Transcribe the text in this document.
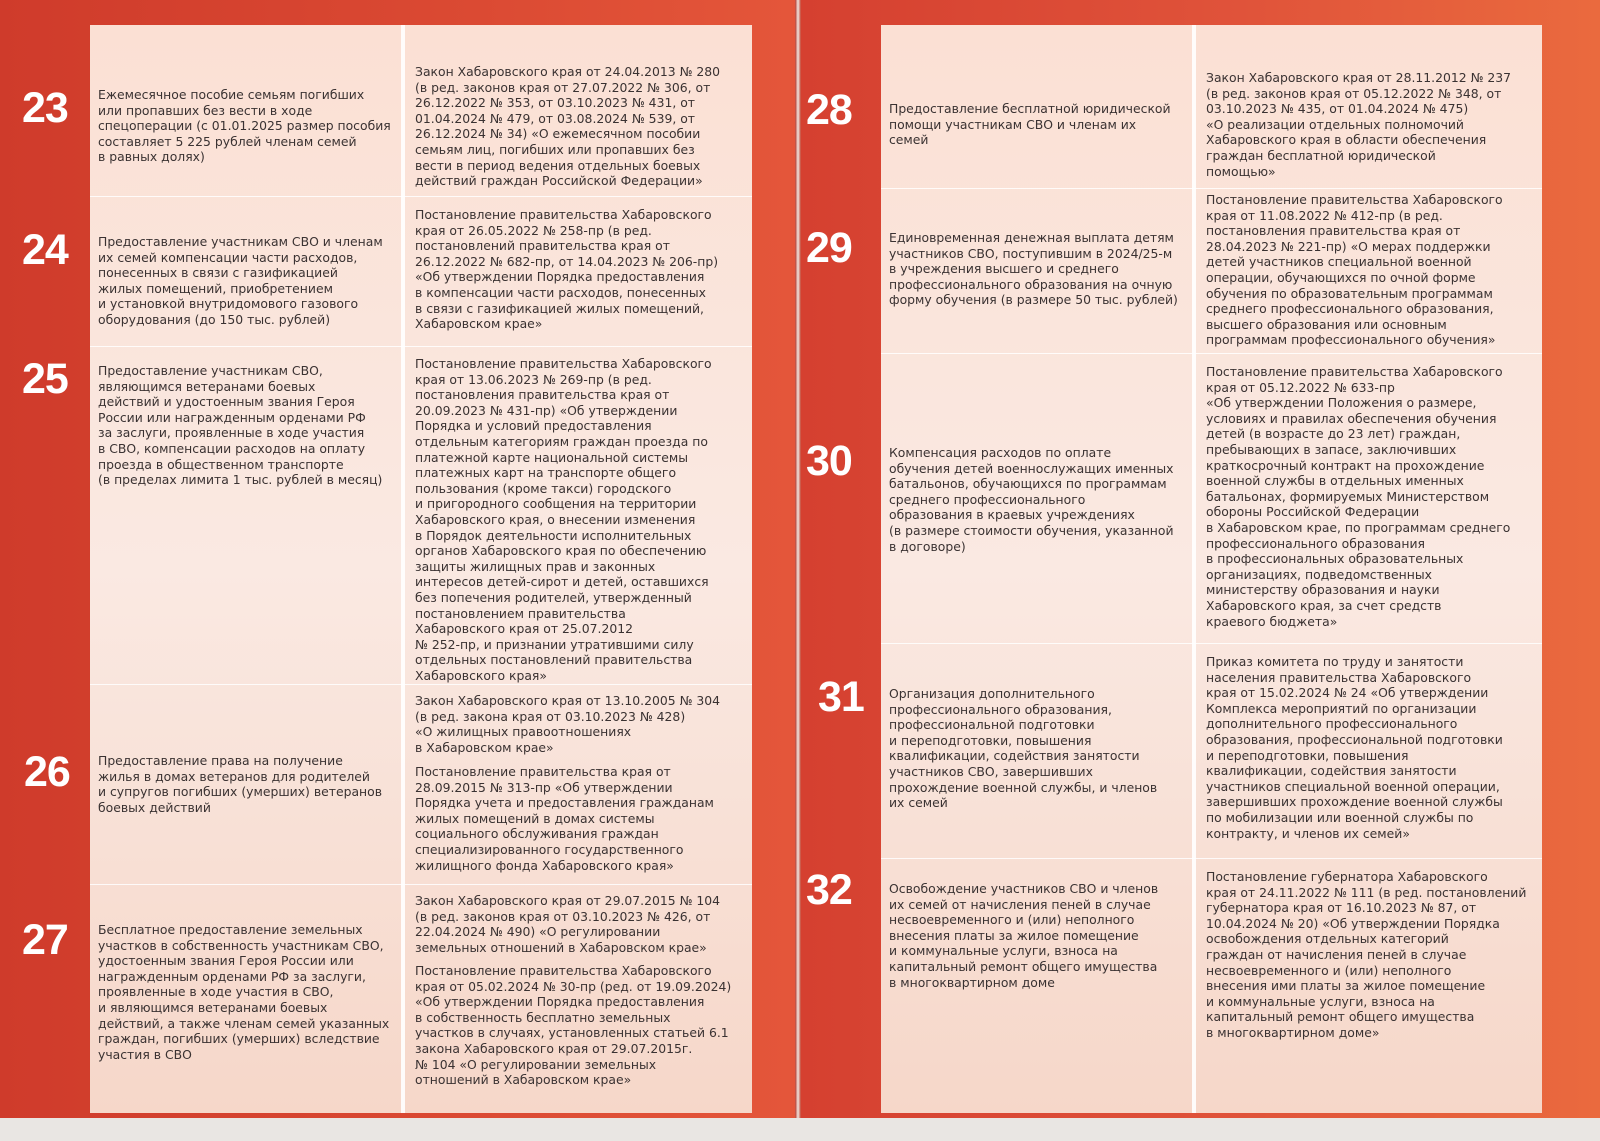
Ежемесячное пособие семьям погибших
или пропавших без вести в ходе
спецоперации (с 01.01.2025 размер пособия
составляет 5 225 рублей членам семей
в равных долях)
Закон Хабаровского края от 24.04.2013 № 280
(в ред. законов края от 27.07.2022 № 306, от
26.12.2022 № 353, от 03.10.2023 № 431, от
01.04.2024 № 479, от 03.08.2024 № 539, от
26.12.2024 № 34) «О ежемесячном пособии
семьям лиц, погибших или пропавших без
вести в период ведения отдельных боевых
действий граждан Российской Федерации»
Предоставление участникам СВО и членам
их семей компенсации части расходов,
понесенных в связи с газификацией
жилых помещений, приобретением
и установкой внутридомового газового
оборудования (до 150 тыс. рублей)
Постановление правительства Хабаровского
края от 26.05.2022 № 258-пр (в ред.
постановлений правительства края от
26.12.2022 № 682-пр, от 14.04.2023 № 206-пр)
«Об утверждении Порядка предоставления
в компенсации части расходов, понесенных
в связи с газификацией жилых помещений,
Хабаровском крае»
Предоставление участникам СВО,
являющимся ветеранами боевых
действий и удостоенным звания Героя
России или награжденным орденами РФ
за заслуги, проявленные в ходе участия
в СВО, компенсации расходов на оплату
проезда в общественном транспорте
(в пределах лимита 1 тыс. рублей в месяц)
Постановление правительства Хабаровского
края от 13.06.2023 № 269-пр (в ред.
постановления правительства края от
20.09.2023 № 431-пр) «Об утверждении
Порядка и условий предоставления
отдельным категориям граждан проезда по
платежной карте национальной системы
платежных карт на транспорте общего
пользования (кроме такси) городского
и пригородного сообщения на территории
Хабаровского края, о внесении изменения
в Порядок деятельности исполнительных
органов Хабаровского края по обеспечению
защиты жилищных прав и законных
интересов детей-сирот и детей, оставшихся
без попечения родителей, утвержденный
постановлением правительства
Хабаровского края от 25.07.2012
№ 252-пр, и признании утратившими силу
отдельных постановлений правительства
Хабаровского края»
Предоставление права на получение
жилья в домах ветеранов для родителей
и супругов погибших (умерших) ветеранов
боевых действий
Закон Хабаровского края от 13.10.2005 № 304
(в ред. закона края от 03.10.2023 № 428)
«О жилищных правоотношениях
в Хабаровском крае»
Постановление правительства края от
28.09.2015 № 313-пр «Об утверждении
Порядка учета и предоставления гражданам
жилых помещений в домах системы
социального обслуживания граждан
специализированного государственного
жилищного фонда Хабаровского края»
Бесплатное предоставление земельных
участков в собственность участникам СВО,
удостоенным звания Героя России или
награжденным орденами РФ за заслуги,
проявленные в ходе участия в СВО,
и являющимся ветеранами боевых
действий, а также членам семей указанных
граждан, погибших (умерших) вследствие
участия в СВО
Закон Хабаровского края от 29.07.2015 № 104
(в ред. законов края от 03.10.2023 № 426, от
22.04.2024 № 490) «О регулировании
земельных отношений в Хабаровском крае»
Постановление правительства Хабаровского
края от 05.02.2024 № 30-пр (ред. от 19.09.2024)
«Об утверждении Порядка предоставления
в собственность бесплатно земельных
участков в случаях, установленных статьей 6.1
закона Хабаровского края от 29.07.2015г.
№ 104 «О регулировании земельных
отношений в Хабаровском крае»
23
24
25
26
27
Предоставление бесплатной юридической
помощи участникам СВО и членам их
семей
Закон Хабаровского края от 28.11.2012 № 237
(в ред. законов края от 05.12.2022 № 348, от
03.10.2023 № 435, от 01.04.2024 № 475)
«О реализации отдельных полномочий
Хабаровского края в области обеспечения
граждан бесплатной юридической
помощью»
Единовременная денежная выплата детям
участников СВО, поступившим в 2024/25-м
в учреждения высшего и среднего
профессионального образования на очную
форму обучения (в размере 50 тыс. рублей)
Постановление правительства Хабаровского
края от 11.08.2022 № 412-пр (в ред.
постановления правительства края от
28.04.2023 № 221-пр) «О мерах поддержки
детей участников специальной военной
операции, обучающихся по очной форме
обучения по образовательным программам
среднего профессионального образования,
высшего образования или основным
программам профессионального обучения»
Компенсация расходов по оплате
обучения детей военнослужащих именных
батальонов, обучающихся по программам
среднего профессионального
образования в краевых учреждениях
(в размере стоимости обучения, указанной
в договоре)
Постановление правительства Хабаровского
края от 05.12.2022 № 633-пр
«Об утверждении Положения о размере,
условиях и правилах обеспечения обучения
детей (в возрасте до 23 лет) граждан,
пребывающих в запасе, заключивших
краткосрочный контракт на прохождение
военной службы в отдельных именных
батальонах, формируемых Министерством
обороны Российской Федерации
в Хабаровском крае, по программам среднего
профессионального образования
в профессиональных образовательных
организациях, подведомственных
министерству образования и науки
Хабаровского края, за счет средств
краевого бюджета»
Организация дополнительного
профессионального образования,
профессиональной подготовки
и переподготовки, повышения
квалификации, содействия занятости
участников СВО, завершивших
прохождение военной службы, и членов
их семей
Приказ комитета по труду и занятости
населения правительства Хабаровского
края от 15.02.2024 № 24 «Об утверждении
Комплекса мероприятий по организации
дополнительного профессионального
образования, профессиональной подготовки
и переподготовки, повышения
квалификации, содействия занятости
участников специальной военной операции,
завершивших прохождение военной службы
по мобилизации или военной службы по
контракту, и членов их семей»
Освобождение участников СВО и членов
их семей от начисления пеней в случае
несвоевременного и (или) неполного
внесения платы за жилое помещение
и коммунальные услуги, взноса на
капитальный ремонт общего имущества
в многоквартирном доме
Постановление губернатора Хабаровского
края от 24.11.2022 № 111 (в ред. постановлений
губернатора края от 16.10.2023 № 87, от
10.04.2024 № 20) «Об утверждении Порядка
освобождения отдельных категорий
граждан от начисления пеней в случае
несвоевременного и (или) неполного
внесения ими платы за жилое помещение
и коммунальные услуги, взноса на
капитальный ремонт общего имущества
в многоквартирном доме»
28
29
30
31
32
